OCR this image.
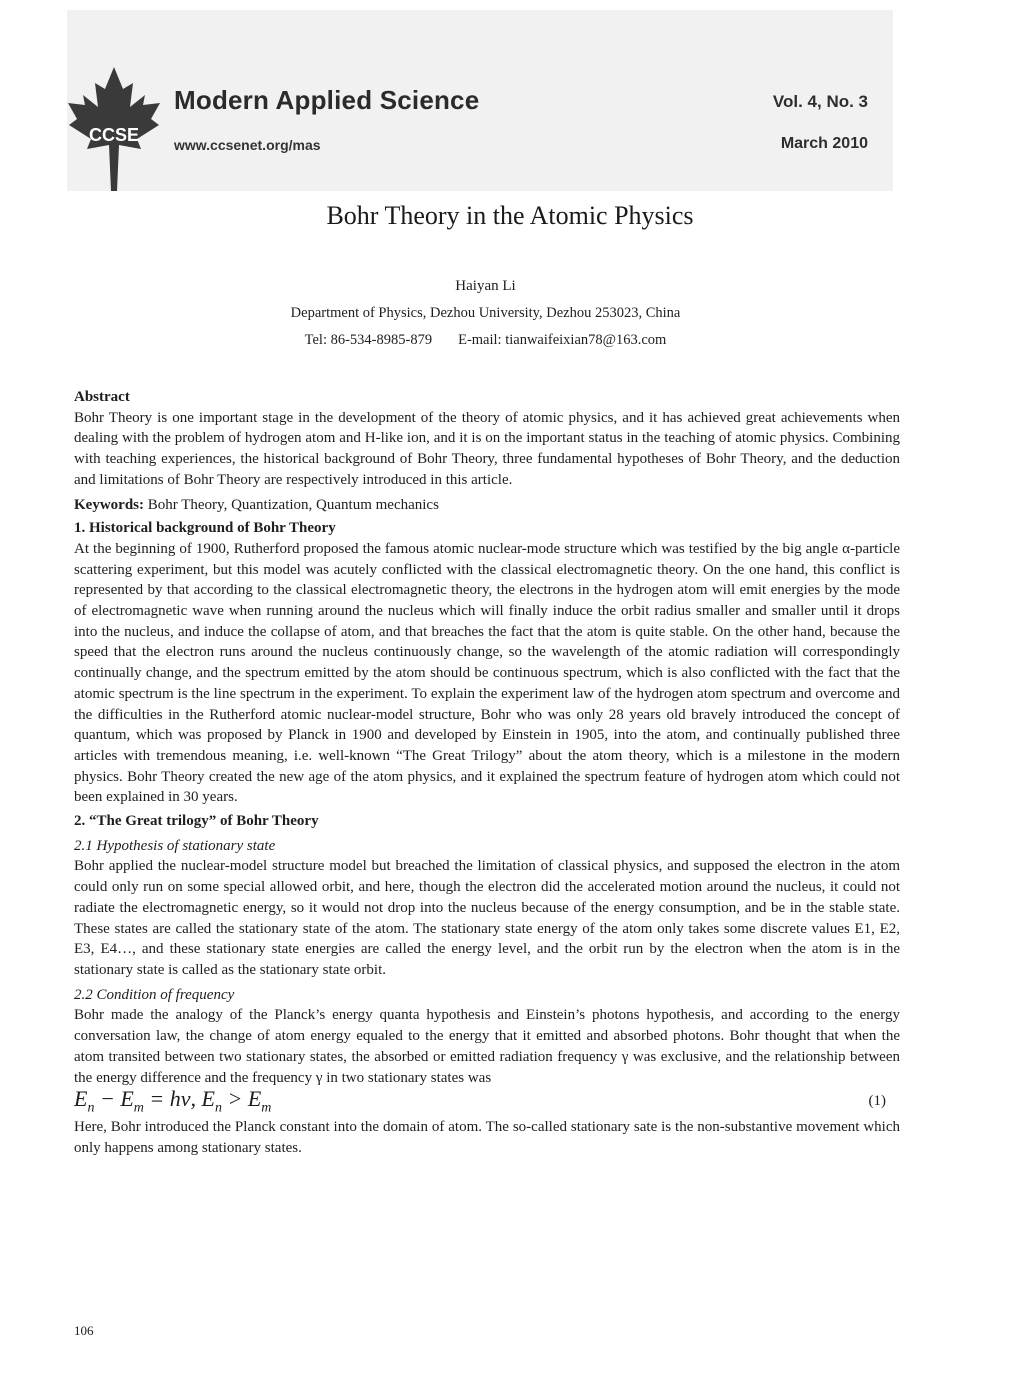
CCSE
Modern Applied Science
www.ccsenet.org/mas
Vol. 4, No. 3
March 2010
Bohr Theory in the Atomic Physics
Haiyan Li
Department of Physics, Dezhou University, Dezhou 253023, China
Tel: 86-534-8985-879 E-mail: tianwaifeixian78@163.com

Abstract

Bohr Theory is one important stage in the development of the theory of atomic physics, and it has achieved great achievements when dealing with the problem of hydrogen atom and H-like ion, and it is on the important status in the teaching of atomic physics. Combining with teaching experiences, the historical background of Bohr Theory, three fundamental hypotheses of Bohr Theory, and the deduction and limitations of Bohr Theory are respectively introduced in this article.

Keywords: Bohr Theory, Quantization, Quantum mechanics

1. Historical background of Bohr Theory

At the beginning of 1900, Rutherford proposed the famous atomic nuclear-mode structure which was testified by the big angle α-particle scattering experiment, but this model was acutely conflicted with the classical electromagnetic theory. On the one hand, this conflict is represented by that according to the classical electromagnetic theory, the electrons in the hydrogen atom will emit energies by the mode of electromagnetic wave when running around the nucleus which will finally induce the orbit radius smaller and smaller until it drops into the nucleus, and induce the collapse of atom, and that breaches the fact that the atom is quite stable. On the other hand, because the speed that the electron runs around the nucleus continuously change, so the wavelength of the atomic radiation will correspondingly continually change, and the spectrum emitted by the atom should be continuous spectrum, which is also conflicted with the fact that the atomic spectrum is the line spectrum in the experiment. To explain the experiment law of the hydrogen atom spectrum and overcome and the difficulties in the Rutherford atomic nuclear-model structure, Bohr who was only 28 years old bravely introduced the concept of quantum, which was proposed by Planck in 1900 and developed by Einstein in 1905, into the atom, and continually published three articles with tremendous meaning, i.e. well-known “The Great Trilogy” about the atom theory, which is a milestone in the modern physics. Bohr Theory created the new age of the atom physics, and it explained the spectrum feature of hydrogen atom which could not been explained in 30 years.

2. “The Great trilogy” of Bohr Theory

2.1 Hypothesis of stationary state

Bohr applied the nuclear-model structure model but breached the limitation of classical physics, and supposed the electron in the atom could only run on some special allowed orbit, and here, though the electron did the accelerated motion around the nucleus, it could not radiate the electromagnetic energy, so it would not drop into the nucleus because of the energy consumption, and be in the stable state. These states are called the stationary state of the atom. The stationary state energy of the atom only takes some discrete values E1, E2, E3, E4…, and these stationary state energies are called the energy level, and the orbit run by the electron when the atom is in the stationary state is called as the stationary state orbit.

2.2 Condition of frequency

Bohr made the analogy of the Planck’s energy quanta hypothesis and Einstein’s photons hypothesis, and according to the energy conversation law, the change of atom energy equaled to the energy that it emitted and absorbed photons. Bohr thought that when the atom transited between two stationary states, the absorbed or emitted radiation frequency γ was exclusive, and the relationship between the energy difference and the frequency γ in two stationary states was

$E_n - E_m = h\nu$, $E_n > E_m$	(1)

Here, Bohr introduced the Planck constant into the domain of atom. The so-called stationary sate is the non-substantive movement which only happens among stationary states.

106
